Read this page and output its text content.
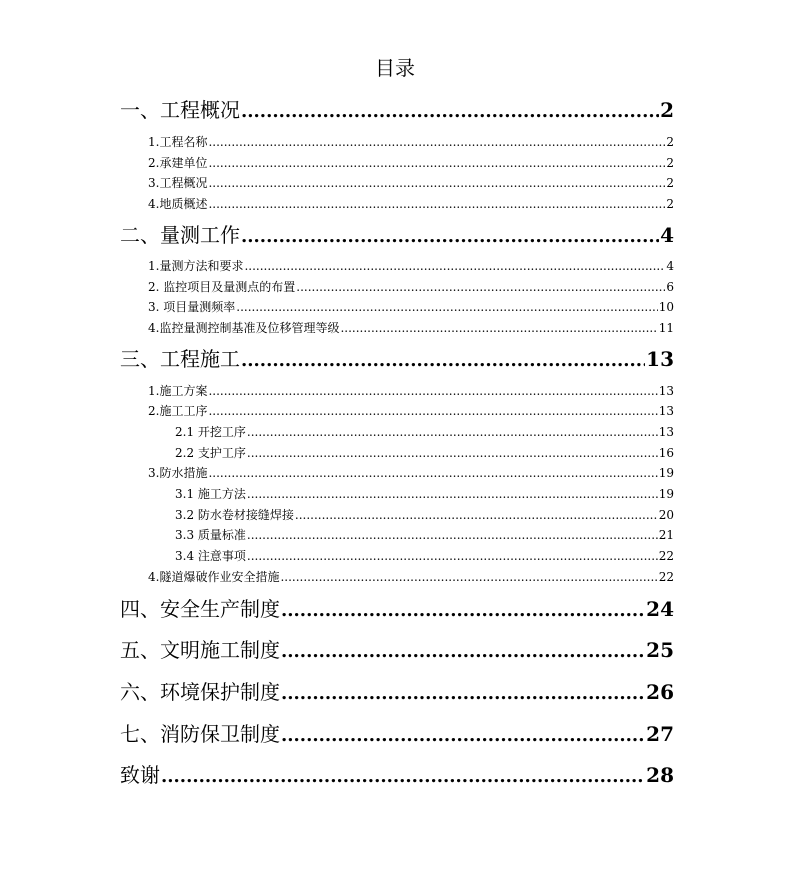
目录
一、工程概况 .....	2
1.工程名称 .....	2
2.承建单位 .....	2
3.工程概况 .....	2
4.地质概述 .....	2
二、量测工作 .....	4
1.量测方法和要求 .....	4
2. 监控项目及量测点的布置 .....	6
3. 项目量测频率 .....	10
4.监控量测控制基准及位移管理等级 .....	11
三、工程施工 .....	13
1.施工方案 .....	13
2.施工工序 .....	13
2.1 开挖工序 .....	13
2.2 支护工序 .....	16
3.防水措施 .....	19
3.1 施工方法 .....	19
3.2 防水卷材接缝焊接 .....	20
3.3 质量标准 .....	21
3.4 注意事项 .....	22
4.隧道爆破作业安全措施 .....	22
四、安全生产制度 .....	24
五、文明施工制度 .....	25
六、环境保护制度 .....	26
七、消防保卫制度 .....	27
致谢 .....	28
